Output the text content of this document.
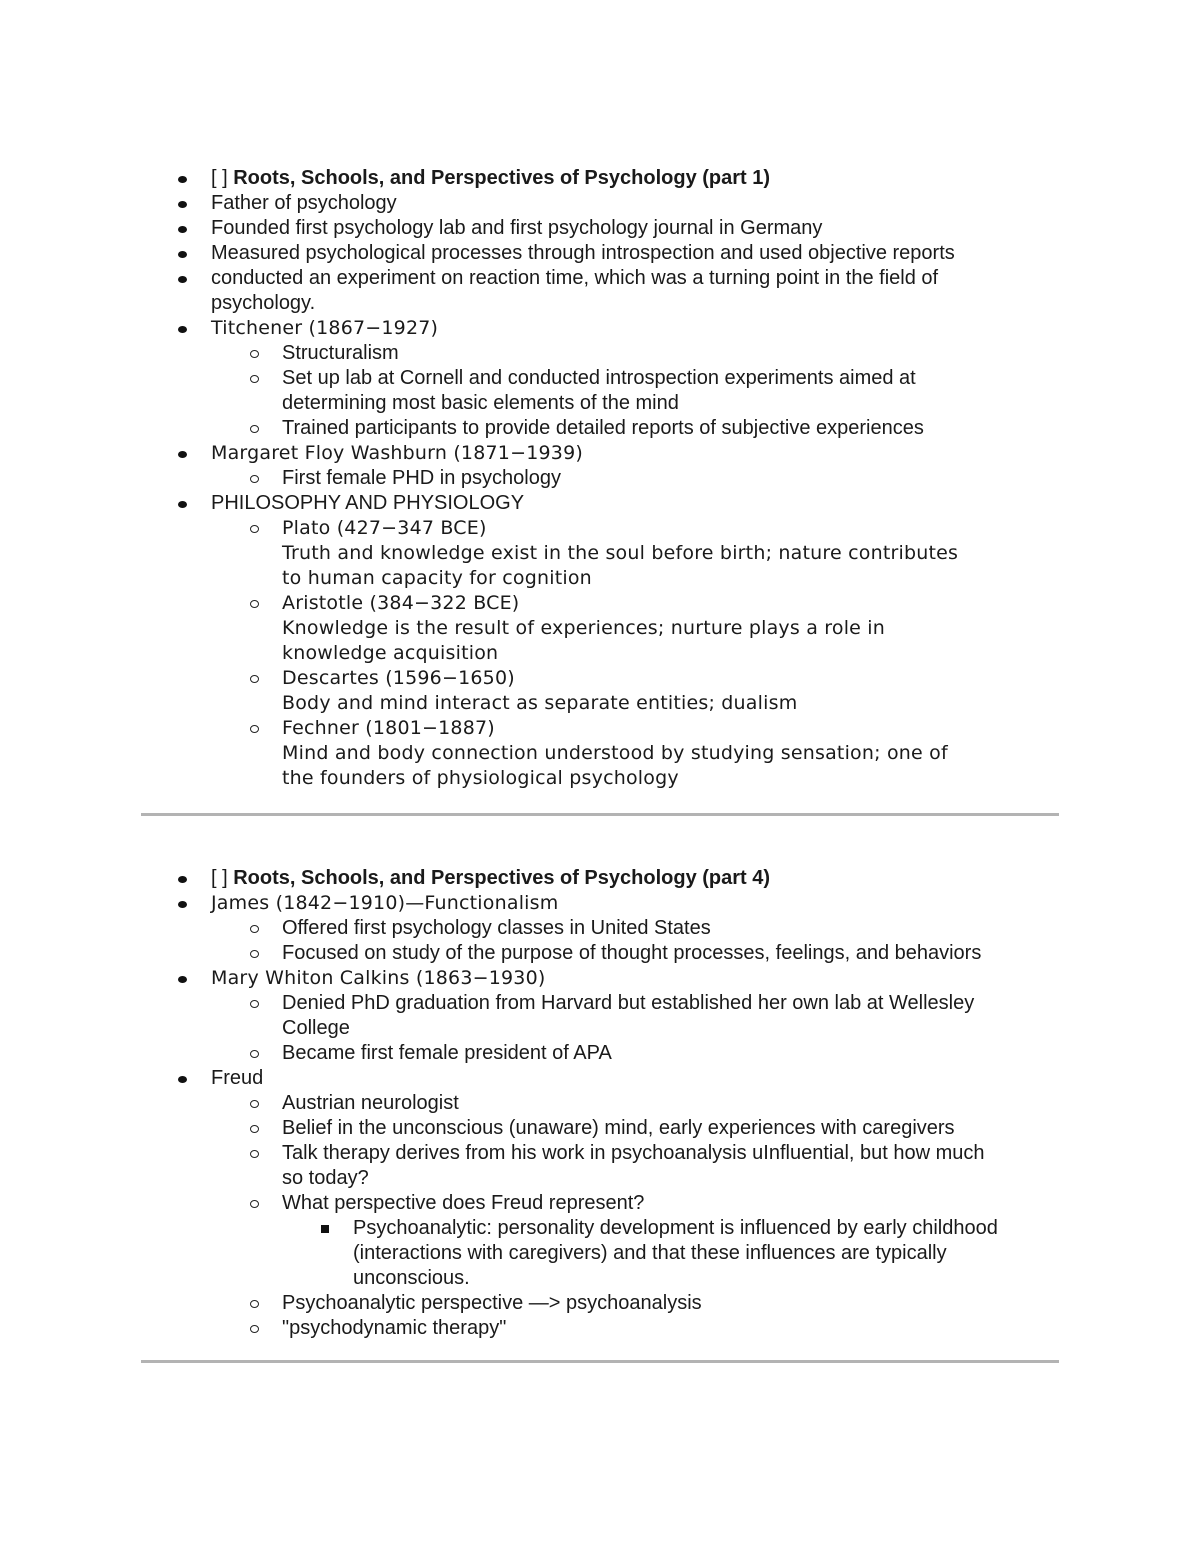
[ ] Roots, Schools, and Perspectives of Psychology (part 1)
Father of psychology
Founded first psychology lab and first psychology journal in Germany
Measured psychological processes through introspection and used objective reports
conducted an experiment on reaction time, which was a turning point in the field of
psychology.
Titchener (1867−1927)
Structuralism
Set up lab at Cornell and conducted introspection experiments aimed at
determining most basic elements of the mind
Trained participants to provide detailed reports of subjective experiences
Margaret Floy Washburn (1871−1939)
First female PHD in psychology
PHILOSOPHY AND PHYSIOLOGY
Plato (427−347 BCE)
Truth and knowledge exist in the soul before birth; nature contributes
to human capacity for cognition
Aristotle (384−322 BCE)
Knowledge is the result of experiences; nurture plays a role in
knowledge acquisition
Descartes (1596−1650)
Body and mind interact as separate entities; dualism
Fechner (1801−1887)
Mind and body connection understood by studying sensation; one of
the founders of physiological psychology
[ ] Roots, Schools, and Perspectives of Psychology (part 4)
James (1842−1910)—Functionalism
Offered first psychology classes in United States
Focused on study of the purpose of thought processes, feelings, and behaviors
Mary Whiton Calkins (1863−1930)
Denied PhD graduation from Harvard but established her own lab at Wellesley
College
Became first female president of APA
Freud
Austrian neurologist
Belief in the unconscious (unaware) mind, early experiences with caregivers
Talk therapy derives from his work in psychoanalysis uInfluential, but how much
so today?
What perspective does Freud represent?
Psychoanalytic: personality development is influenced by early childhood
(interactions with caregivers) and that these influences are typically
unconscious.
Psychoanalytic perspective —> psychoanalysis
"psychodynamic therapy"
